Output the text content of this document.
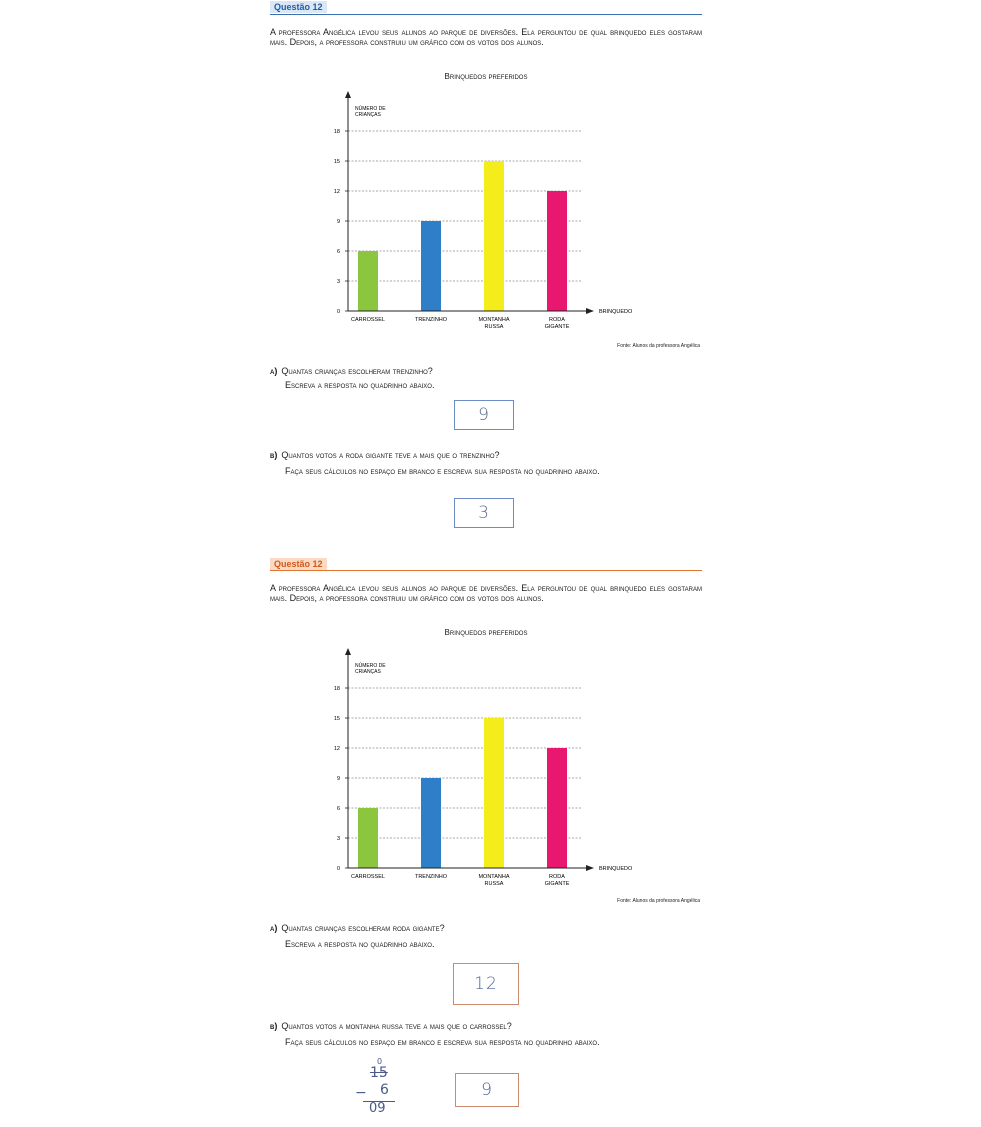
Questão 12

A professora Angélica levou seus alunos ao parque de diversões. Ela perguntou de qual brinquedo eles gostaram mais. Depois, a professora construiu um gráfico com os votos dos alunos.

Brinquedos preferidos
NÚMERO DE
CRIANÇAS
0
3
6
9
12
15
18
CARROSSEL	TRENZINHO	MONTANHA
RUSSA
RODA
GIGANTE
BRINQUEDO
Fonte: Alunos da professora Angélica

a) Quantas crianças escolheram trenzinho?

Escreva a resposta no quadrinho abaixo.

9

b) Quantos votos a roda gigante teve a mais que o trenzinho?

Faça seus cálculos no espaço em branco e escreva sua resposta no quadrinho abaixo.

3
Questão 12

A professora Angélica levou seus alunos ao parque de diversões. Ela perguntou de qual brinquedo eles gostaram mais. Depois, a professora construiu um gráfico com os votos dos alunos.

Brinquedos preferidos
NÚMERO DE
CRIANÇAS
0
3
6
9
12
15
18
CARROSSEL	TRENZINHO	MONTANHA
RUSSA
RODA
GIGANTE
BRINQUEDO
Fonte: Alunos da professora Angélica

a) Quantas crianças escolheram roda gigante?

Escreva a resposta no quadrinho abaixo.

12

b) Quantos votos a montanha russa teve a mais que o carrossel?

Faça seus cálculos no espaço em branco e escreva sua resposta no quadrinho abaixo.

0
15
− 6
09
9
